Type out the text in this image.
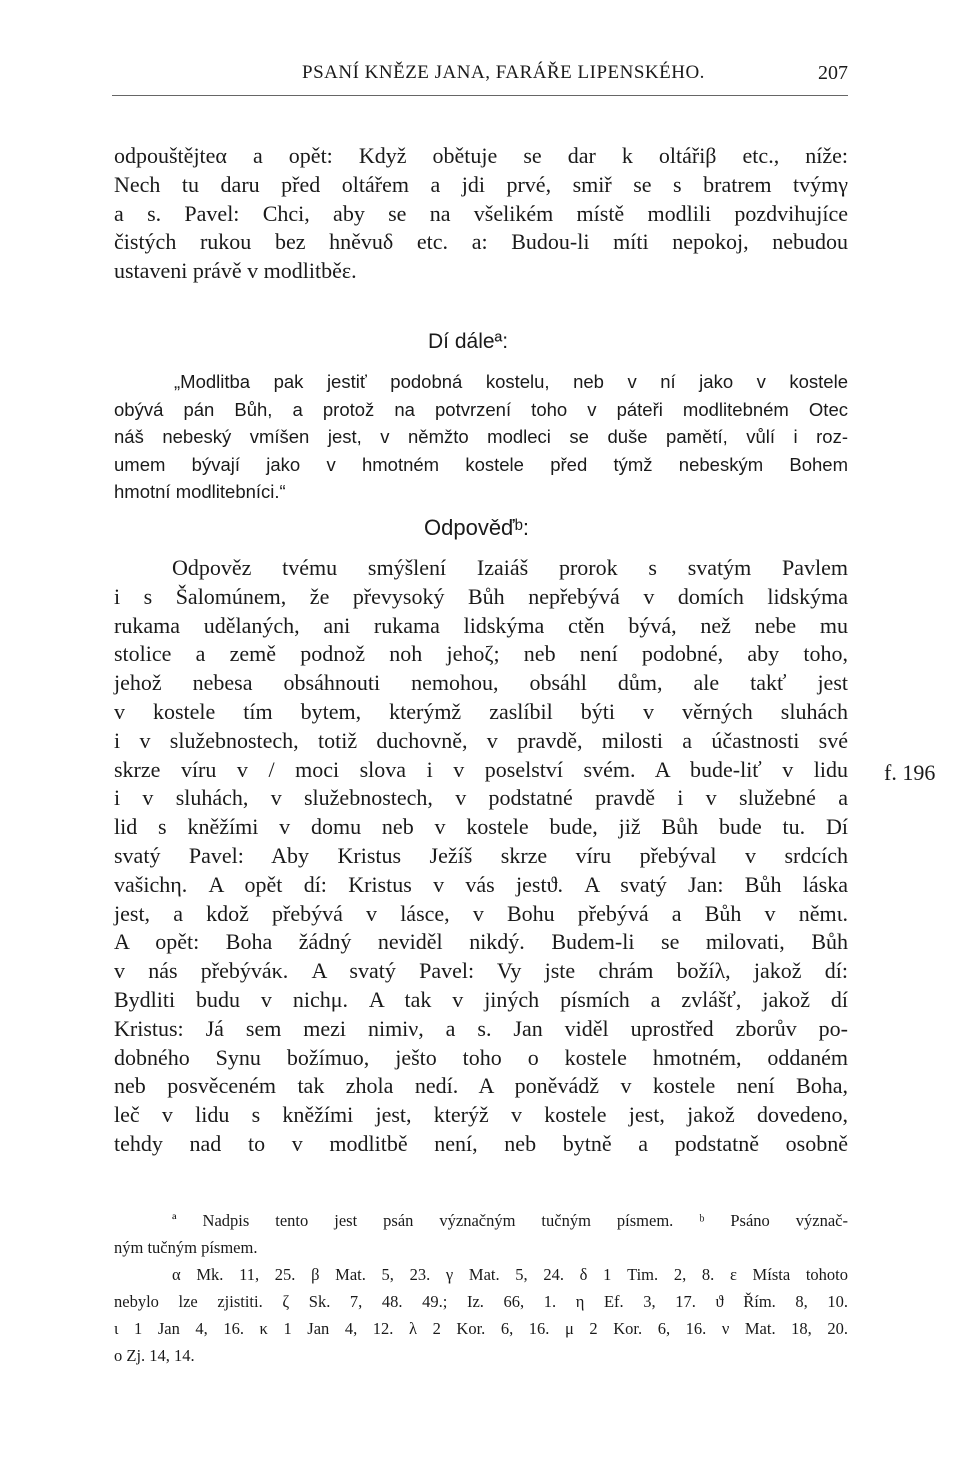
PSANÍ KNĚZE JANA, FARÁŘE LIPENSKÉHO.	207
odpouštějteα a opět: Když obětuje se dar k oltářiβ etc., níže:
Nech tu daru před oltářem a jdi prvé, smiř se s bratrem tvýmγ
a s. Pavel: Chci, aby se na všelikém místě modlili pozdvihujíce
čistých rukou bez hněvuδ etc. a: Budou-li míti nepokoj, nebudou
ustaveni právě v modlitběε.
Dí dáleª:
„Modlitba pak jestiť podobná kostelu, neb v ní jako v kostele
obývá pán Bůh, a protož na potvrzení toho v páteři modlitebném Otec
náš nebeský vmíšen jest, v němžto modleci se duše pamětí, vůlí i roz-
umem bývají jako v hmotném kostele před týmž nebeským Bohem
hmotní modlitebníci.“
Odpověďᵇ:
Odpověz tvému smýšlení Izaiáš prorok s svatým Pavlem
i s Šalomúnem, že převysoký Bůh nepřebývá v domích lidskýma
rukama udělaných, ani rukama lidskýma ctěn bývá, než nebe mu
stolice a země podnož noh jehoζ; neb není podobné, aby toho,
jehož nebesa obsáhnouti nemohou, obsáhl dům, ale takť jest
v kostele tím bytem, kterýmž zaslíbil býti v věrných sluhách
i v služebnostech, totiž duchovně, v pravdě, milosti a účastnosti své
skrze víru v / moci slova i v poselství svém. A bude-liť v lidu
i v sluhách, v služebnostech, v podstatné pravdě i v služebné a
lid s kněžími v domu neb v kostele bude, již Bůh bude tu. Dí
svatý Pavel: Aby Kristus Ježíš skrze víru přebýval v srdcích
vašichη. A opět dí: Kristus v vás jestϑ. A svatý Jan: Bůh láska
jest, a kdož přebývá v lásce, v Bohu přebývá a Bůh v němι.
A opět: Boha žádný neviděl nikdý. Budem-li se milovati, Bůh
v nás přebýváκ. A svatý Pavel: Vy jste chrám božíλ, jakož dí:
Bydliti budu v nichμ. A tak v jiných písmích a zvlášť, jakož dí
Kristus: Já sem mezi nimiν, a s. Jan viděl uprostřed zborův po-
dobného Synu božímuο, ješto toho o kostele hmotném, oddaném
neb posvěceném tak zhola nedí. A poněvádž v kostele není Boha,
leč v lidu s kněžími jest, kterýž v kostele jest, jakož dovedeno,
tehdy nad to v modlitbě není, neb bytně a podstatně osobně
f. 196
ª Nadpis tento jest psán význačným tučným písmem. ᵇ Psáno význač-
ným tučným písmem.
α Mk. 11, 25. β Mat. 5, 23. γ Mat. 5, 24. δ 1 Tim. 2, 8. ε Místa tohoto
nebylo lze zjistiti. ζ Sk. 7, 48. 49.; Iz. 66, 1. η Ef. 3, 17. ϑ Řím. 8, 10.
ι 1 Jan 4, 16. κ 1 Jan 4, 12. λ 2 Kor. 6, 16. μ 2 Kor. 6, 16. ν Mat. 18, 20.
ο Zj. 14, 14.
